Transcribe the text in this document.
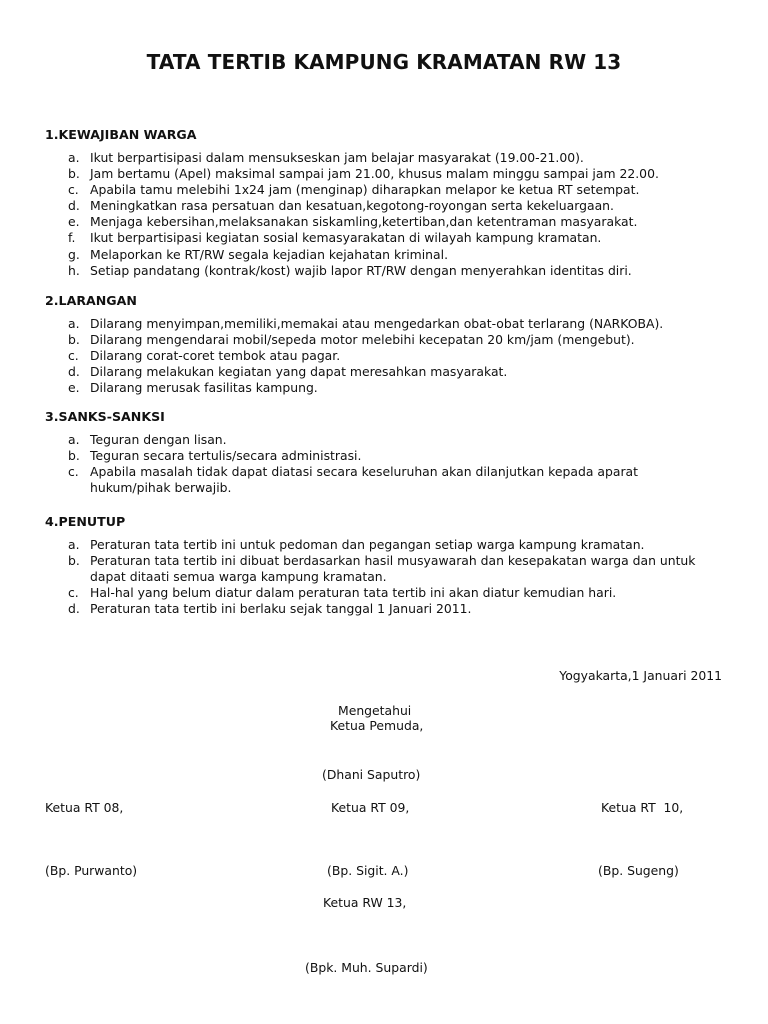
TATA TERTIB KAMPUNG KRAMATAN RW 13
1.KEWAJIBAN WARGA
a. Ikut berpartisipasi dalam mensukseskan jam belajar masyarakat (19.00-21.00).
b. Jam bertamu (Apel) maksimal sampai jam 21.00, khusus malam minggu sampai jam 22.00.
c. Apabila tamu melebihi 1x24 jam (menginap) diharapkan melapor ke ketua RT setempat.
d. Meningkatkan rasa persatuan dan kesatuan,kegotong-royongan serta kekeluargaan.
e. Menjaga kebersihan,melaksanakan siskamling,ketertiban,dan ketentraman masyarakat.
f. Ikut berpartisipasi kegiatan sosial kemasyarakatan di wilayah kampung kramatan.
g. Melaporkan ke RT/RW segala kejadian kejahatan kriminal.
h. Setiap pandatang (kontrak/kost) wajib lapor RT/RW dengan menyerahkan identitas diri.
2.LARANGAN
a. Dilarang menyimpan,memiliki,memakai atau mengedarkan obat-obat terlarang (NARKOBA).
b. Dilarang mengendarai mobil/sepeda motor melebihi kecepatan 20 km/jam (mengebut).
c. Dilarang corat-coret tembok atau pagar.
d. Dilarang melakukan kegiatan yang dapat meresahkan masyarakat.
e. Dilarang merusak fasilitas kampung.
3.SANKS-SANKSI
a. Teguran dengan lisan.
b. Teguran secara tertulis/secara administrasi.
c. Apabila masalah tidak dapat diatasi secara keseluruhan akan dilanjutkan kepada aparat hukum/pihak berwajib.
4.PENUTUP
a. Peraturan tata tertib ini untuk pedoman dan pegangan setiap warga kampung kramatan.
b. Peraturan tata tertib ini dibuat berdasarkan hasil musyawarah dan kesepakatan warga dan untuk dapat ditaati semua warga kampung kramatan.
c. Hal-hal yang belum diatur dalam peraturan tata tertib ini akan diatur kemudian hari.
d. Peraturan tata tertib ini berlaku sejak tanggal 1 Januari 2011.
Yogyakarta,1 Januari 2011
Mengetahui
Ketua Pemuda,
(Dhani Saputro)
Ketua RT 08,	Ketua RT 09,	Ketua RT  10,
(Bp. Purwanto)	(Bp. Sigit. A.)	(Bp. Sugeng)
Ketua RW 13,
(Bpk. Muh. Supardi)
